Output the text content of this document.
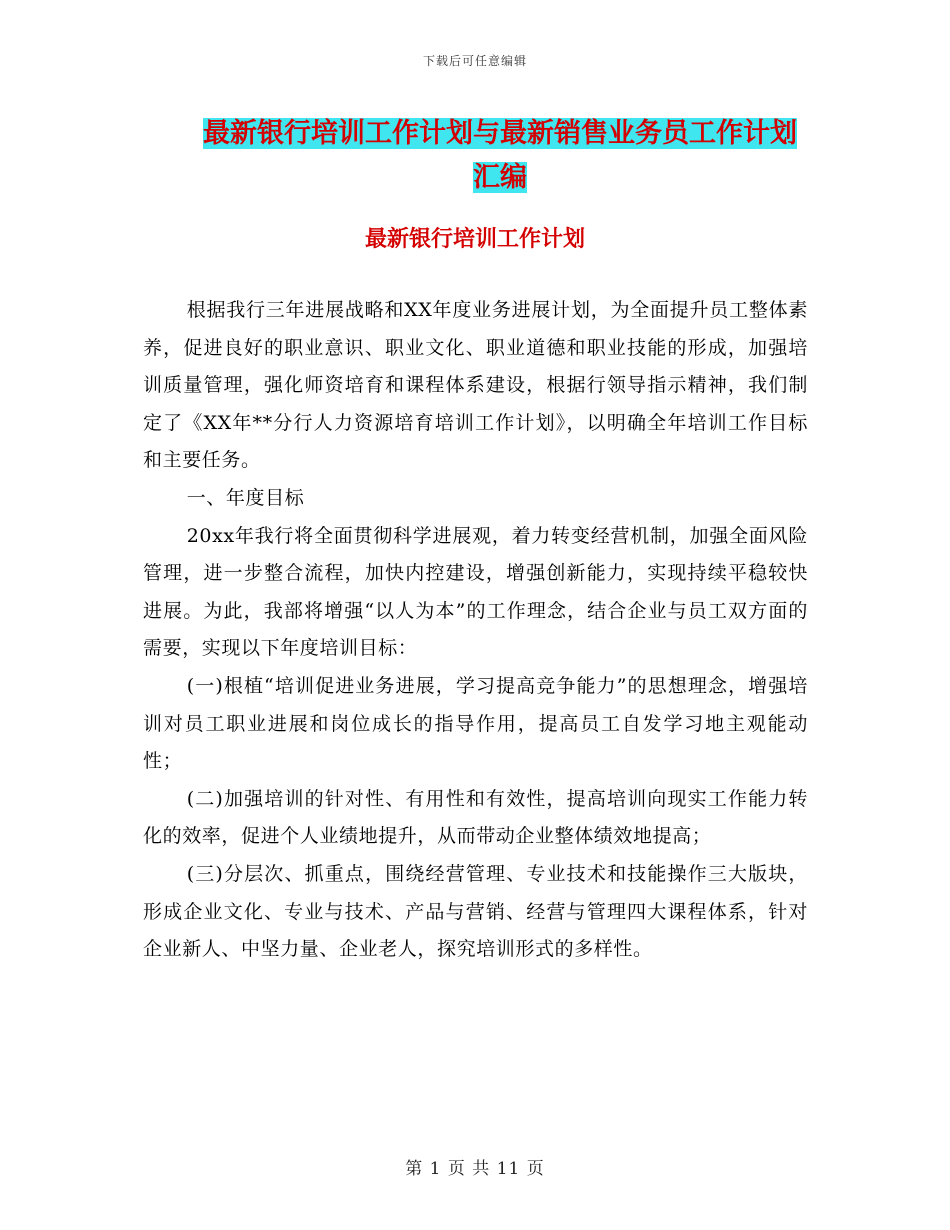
下载后可任意编辑
最新银行培训工作计划与最新销售业务员工作计划汇编
最新银行培训工作计划

根据我行三年进展战略和XX年度业务进展计划，为全面提升员工整体素养，促进良好的职业意识、职业文化、职业道德和职业技能的形成，加强培训质量管理，强化师资培育和课程体系建设，根据行领导指示精神，我们制定了《XX年**分行人力资源培育培训工作计划》，以明确全年培训工作目标和主要任务。

一、年度目标

20xx年我行将全面贯彻科学进展观，着力转变经营机制，加强全面风险管理，进一步整合流程，加快内控建设，增强创新能力，实现持续平稳较快进展。为此，我部将增强“以人为本”的工作理念，结合企业与员工双方面的需要，实现以下年度培训目标：

(一)根植“培训促进业务进展，学习提高竞争能力”的思想理念，增强培训对员工职业进展和岗位成长的指导作用，提高员工自发学习地主观能动性；

(二)加强培训的针对性、有用性和有效性，提高培训向现实工作能力转化的效率，促进个人业绩地提升，从而带动企业整体绩效地提高；

(三)分层次、抓重点，围绕经营管理、专业技术和技能操作三大版块，形成企业文化、专业与技术、产品与营销、经营与管理四大课程体系，针对企业新人、中坚力量、企业老人，探究培训形式的多样性。

第 1 页 共 11 页
